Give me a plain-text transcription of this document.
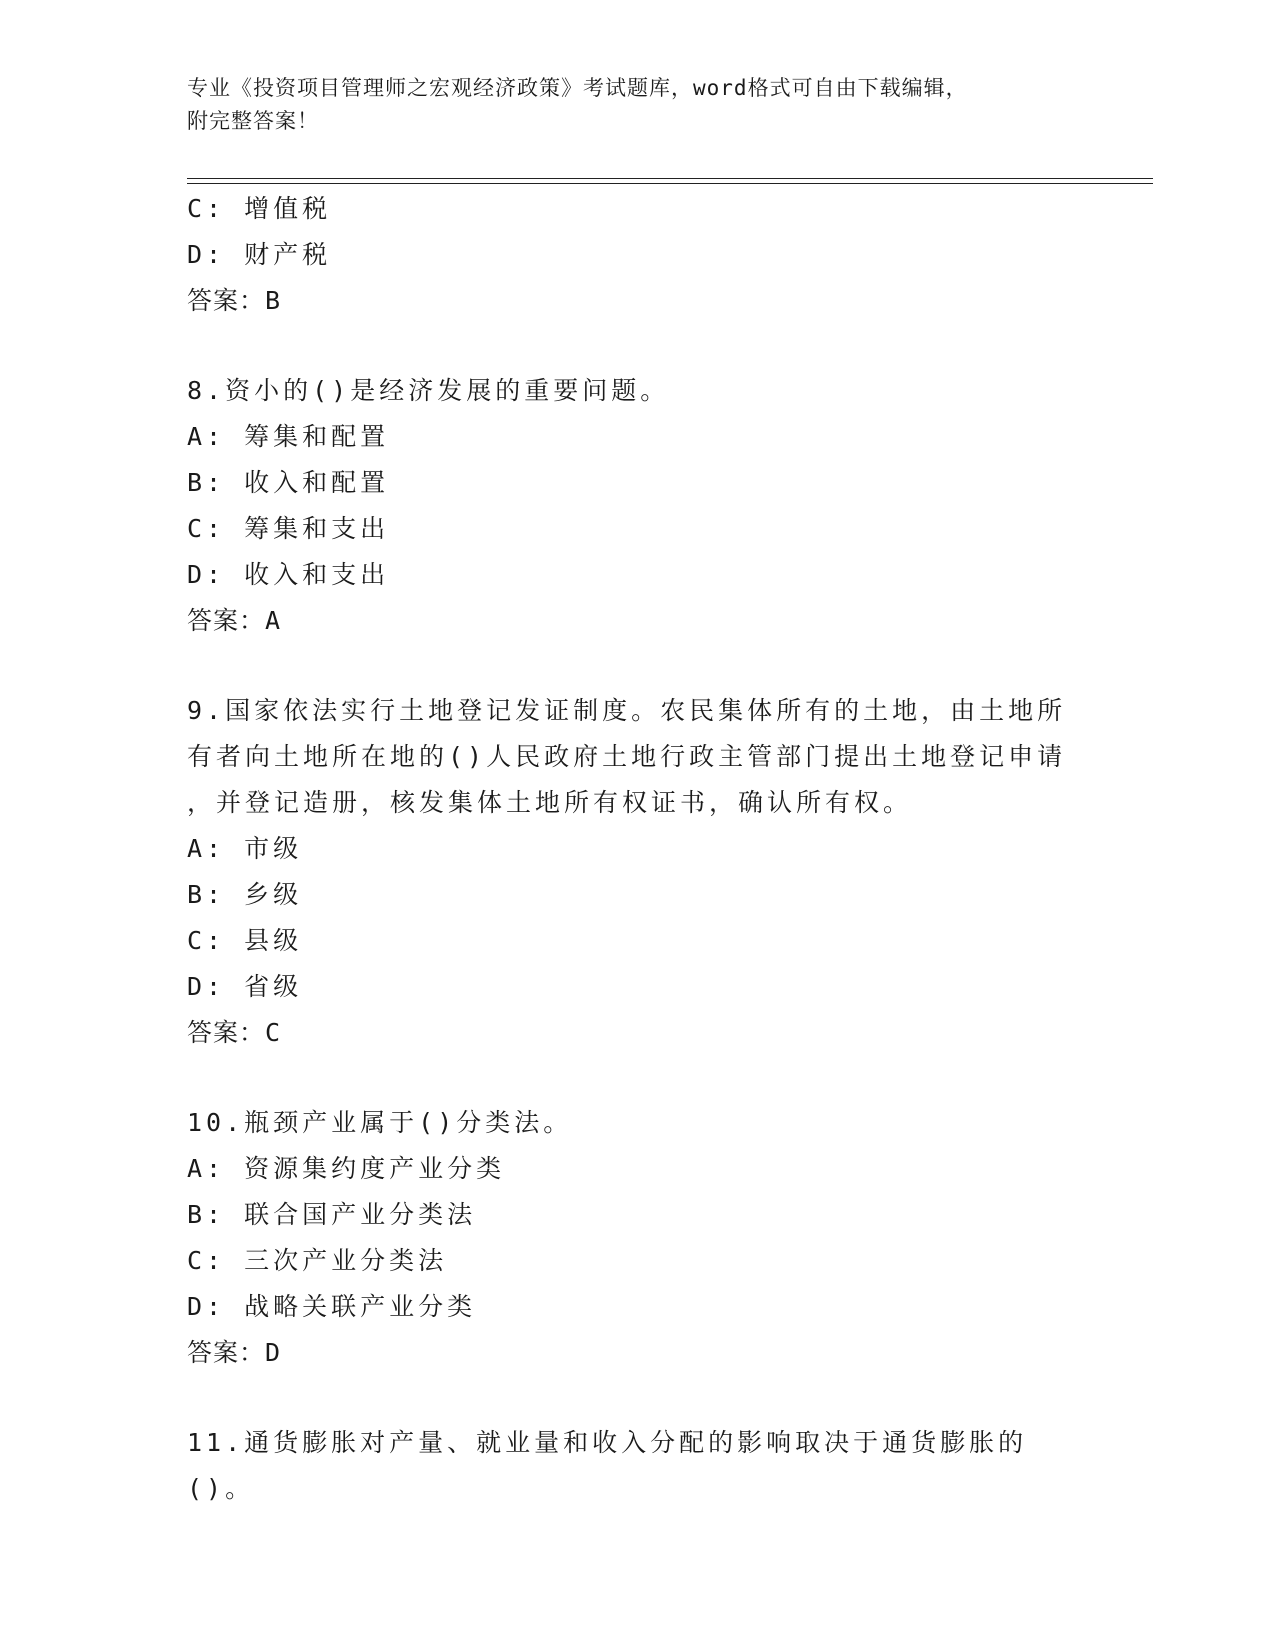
专业《投资项目管理师之宏观经济政策》考试题库，word格式可自由下载编辑，
附完整答案！
C: 增值税
D: 财产税
答案：B
8.资小的()是经济发展的重要问题。
A: 筹集和配置
B: 收入和配置
C: 筹集和支出
D: 收入和支出
答案：A
9.国家依法实行土地登记发证制度。农民集体所有的土地，由土地所
有者向土地所在地的()人民政府土地行政主管部门提出土地登记申请
，并登记造册，核发集体土地所有权证书，确认所有权。
A: 市级
B: 乡级
C: 县级
D: 省级
答案：C
10.瓶颈产业属于()分类法。
A: 资源集约度产业分类
B: 联合国产业分类法
C: 三次产业分类法
D: 战略关联产业分类
答案：D
11.通货膨胀对产量、就业量和收入分配的影响取决于通货膨胀的()。
